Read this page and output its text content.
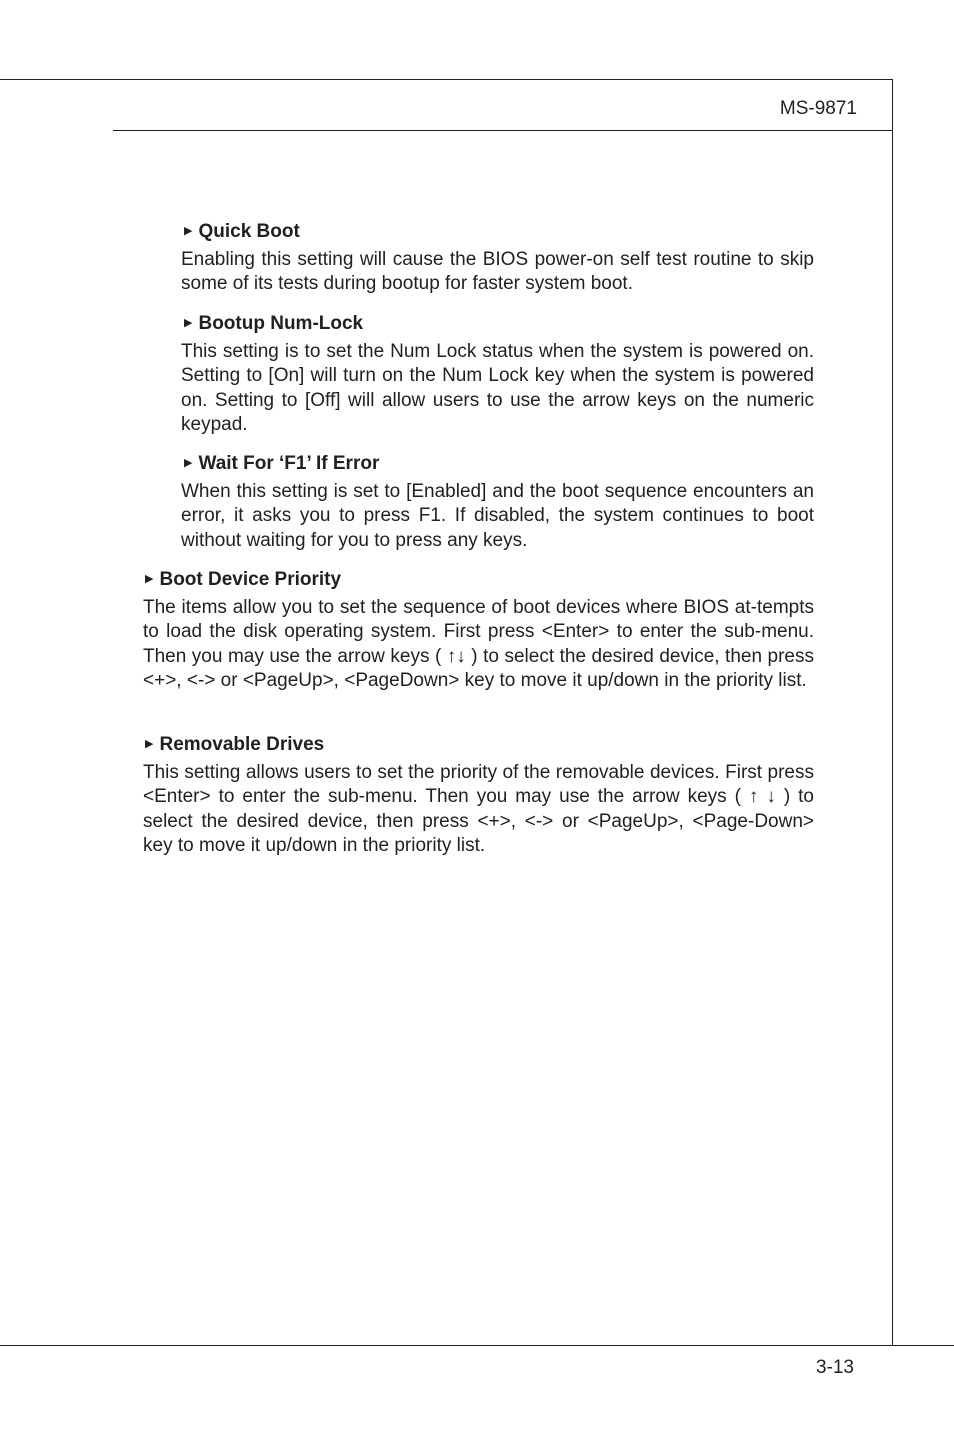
MS-9871
▶ Quick Boot
Enabling this setting will cause the BIOS power-on self test routine to skip some of its tests during bootup for faster system boot.
▶ Bootup Num-Lock
This setting is to set the Num Lock status when the system is powered on. Setting to [On] will turn on the Num Lock key when the system is powered on. Setting to [Off] will allow users to use the arrow keys on the numeric keypad.
▶ Wait For ‘F1’ If Error
When this setting is set to [Enabled] and the boot sequence encounters an error, it asks you to press F1. If disabled, the system continues to boot without waiting for you to press any keys.
▶ Boot Device Priority
The items allow you to set the sequence of boot devices where BIOS at-tempts to load the disk operating system. First press <Enter> to enter the sub-menu. Then you may use the arrow keys ( ↑↓ ) to select the desired device, then press <+>, <-> or <PageUp>, <PageDown> key to move it up/down in the priority list.
▶ Removable Drives
This setting allows users to set the priority of the removable devices. First press <Enter> to enter the sub-menu. Then you may use the arrow keys ( ↑ ↓ ) to select the desired device, then press <+>, <-> or <PageUp>, <Page-Down> key to move it up/down in the priority list.
3-13
